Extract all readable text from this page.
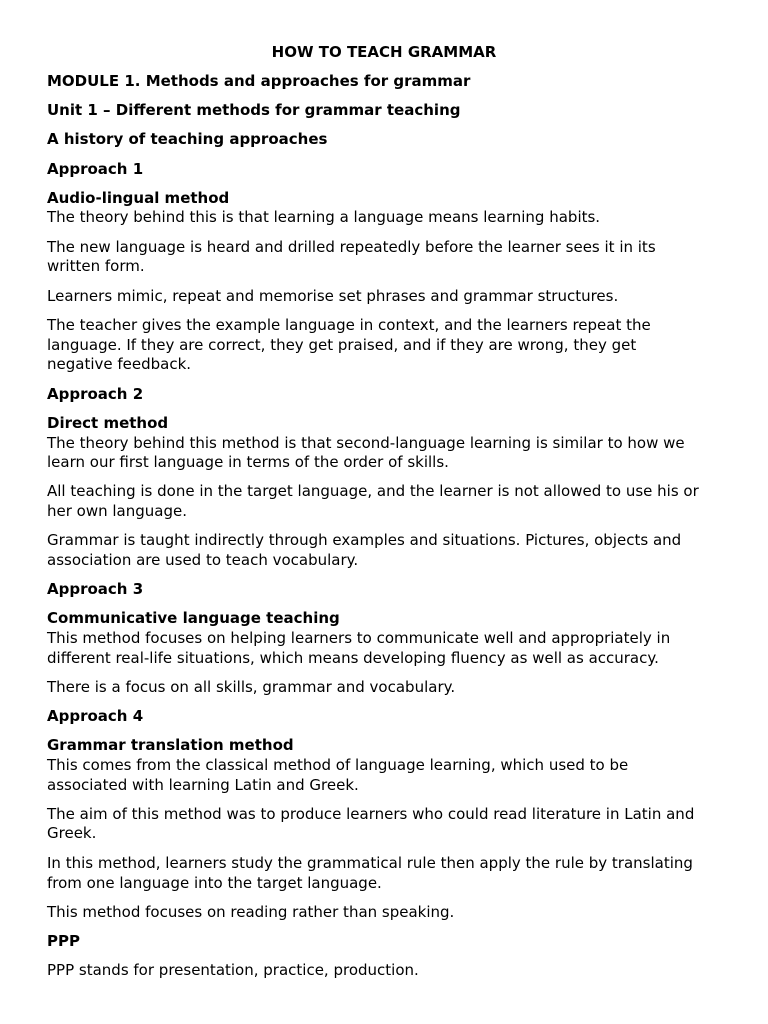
HOW TO TEACH GRAMMAR
MODULE 1. Methods and approaches for grammar
Unit 1 – Different methods for grammar teaching
A history of teaching approaches
Approach 1
Audio-lingual method
The theory behind this is that learning a language means learning habits.
The new language is heard and drilled repeatedly before the learner sees it in its
written form.
Learners mimic, repeat and memorise set phrases and grammar structures.
The teacher gives the example language in context, and the learners repeat the
language. If they are correct, they get praised, and if they are wrong, they get
negative feedback.
Approach 2
Direct method
The theory behind this method is that second-language learning is similar to how we
learn our first language in terms of the order of skills.
All teaching is done in the target language, and the learner is not allowed to use his or
her own language.
Grammar is taught indirectly through examples and situations. Pictures, objects and
association are used to teach vocabulary.
Approach 3
Communicative language teaching
This method focuses on helping learners to communicate well and appropriately in
different real-life situations, which means developing fluency as well as accuracy.
There is a focus on all skills, grammar and vocabulary.
Approach 4
Grammar translation method
This comes from the classical method of language learning, which used to be
associated with learning Latin and Greek.
The aim of this method was to produce learners who could read literature in Latin and
Greek.
In this method, learners study the grammatical rule then apply the rule by translating
from one language into the target language.
This method focuses on reading rather than speaking.
PPP
PPP stands for presentation, practice, production.
